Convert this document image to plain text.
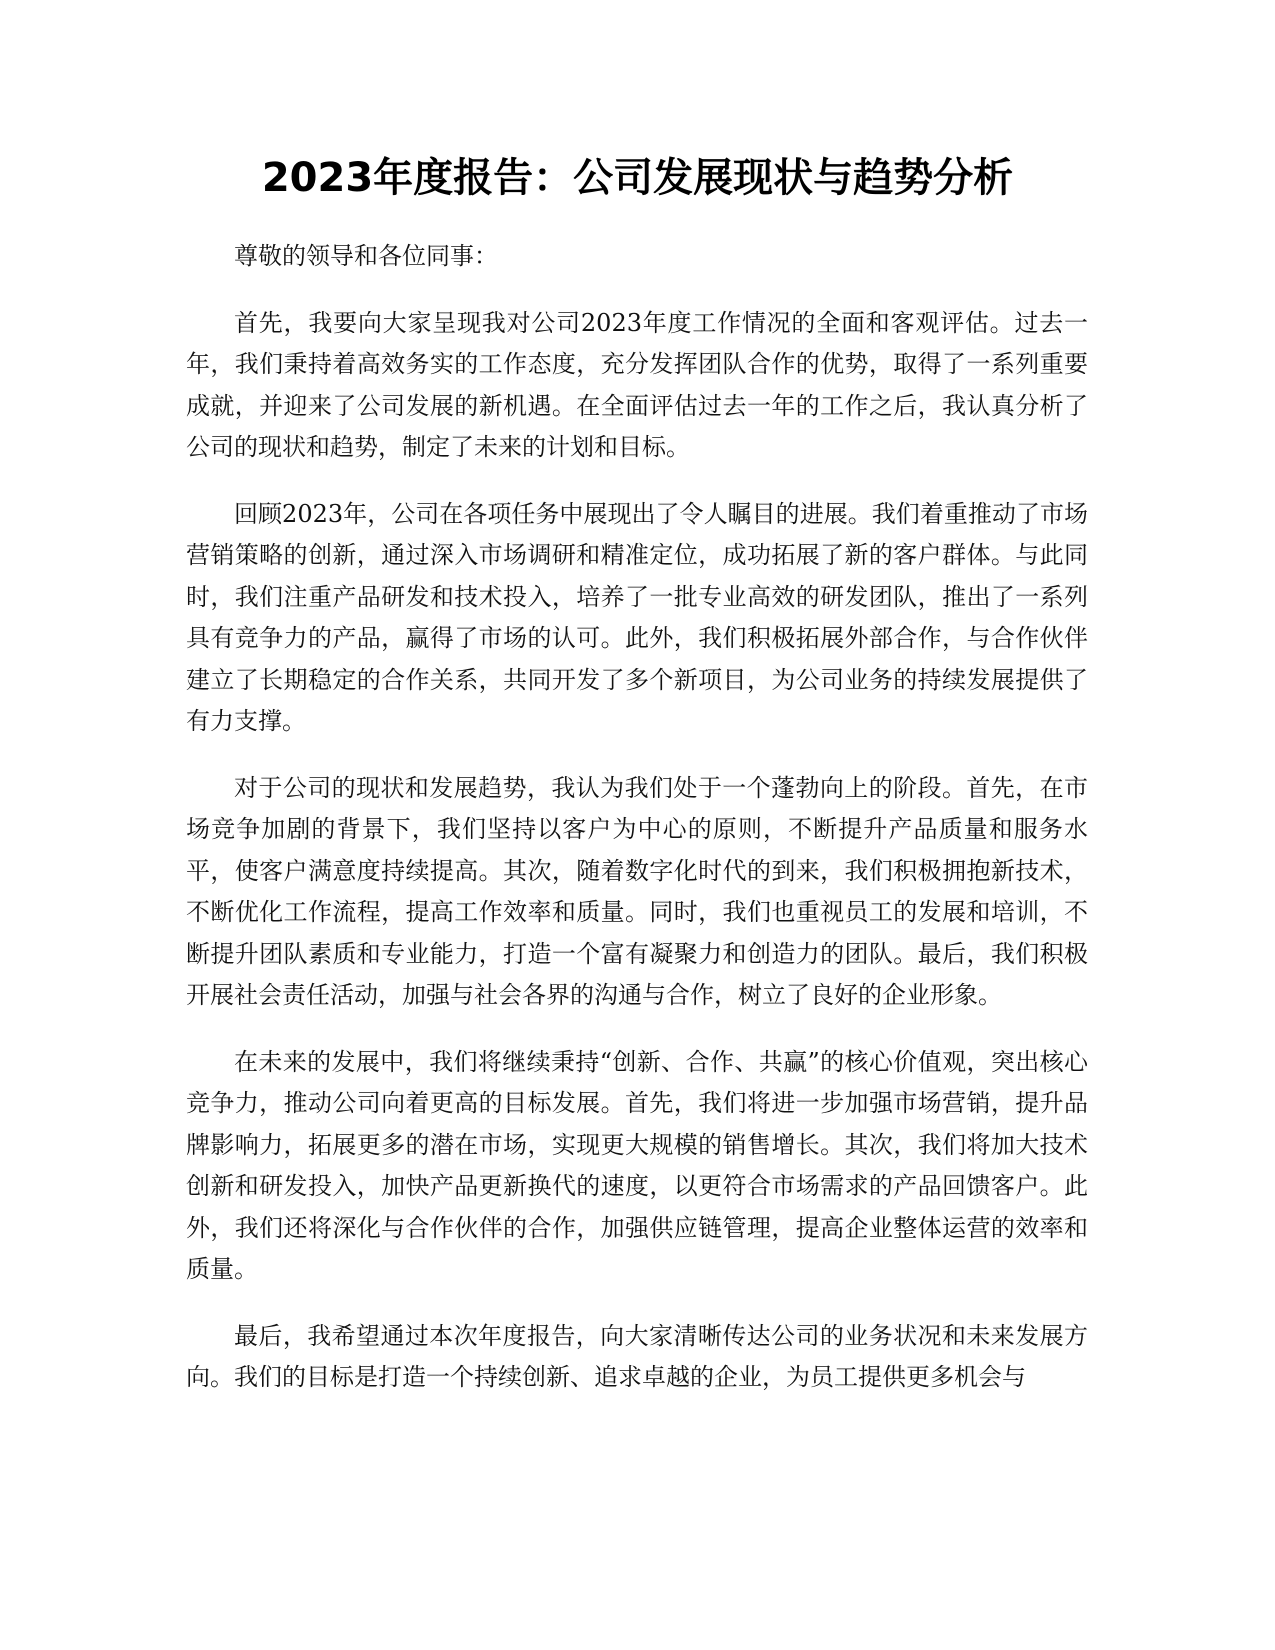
2023年度报告：公司发展现状与趋势分析

尊敬的领导和各位同事：

首先，我要向大家呈现我对公司2023年度工作情况的全面和客观评估。过去一年，我们秉持着高效务实的工作态度，充分发挥团队合作的优势，取得了一系列重要成就，并迎来了公司发展的新机遇。在全面评估过去一年的工作之后，我认真分析了公司的现状和趋势，制定了未来的计划和目标。

回顾2023年，公司在各项任务中展现出了令人瞩目的进展。我们着重推动了市场营销策略的创新，通过深入市场调研和精准定位，成功拓展了新的客户群体。与此同时，我们注重产品研发和技术投入，培养了一批专业高效的研发团队，推出了一系列具有竞争力的产品，赢得了市场的认可。此外，我们积极拓展外部合作，与合作伙伴建立了长期稳定的合作关系，共同开发了多个新项目，为公司业务的持续发展提供了有力支撑。

对于公司的现状和发展趋势，我认为我们处于一个蓬勃向上的阶段。首先，在市场竞争加剧的背景下，我们坚持以客户为中心的原则，不断提升产品质量和服务水平，使客户满意度持续提高。其次，随着数字化时代的到来，我们积极拥抱新技术，不断优化工作流程，提高工作效率和质量。同时，我们也重视员工的发展和培训，不断提升团队素质和专业能力，打造一个富有凝聚力和创造力的团队。最后，我们积极开展社会责任活动，加强与社会各界的沟通与合作，树立了良好的企业形象。

在未来的发展中，我们将继续秉持“创新、合作、共赢”的核心价值观，突出核心竞争力，推动公司向着更高的目标发展。首先，我们将进一步加强市场营销，提升品牌影响力，拓展更多的潜在市场，实现更大规模的销售增长。其次，我们将加大技术创新和研发投入，加快产品更新换代的速度，以更符合市场需求的产品回馈客户。此外，我们还将深化与合作伙伴的合作，加强供应链管理，提高企业整体运营的效率和质量。

最后，我希望通过本次年度报告，向大家清晰传达公司的业务状况和未来发展方向。我们的目标是打造一个持续创新、追求卓越的企业，为员工提供更多机会与
